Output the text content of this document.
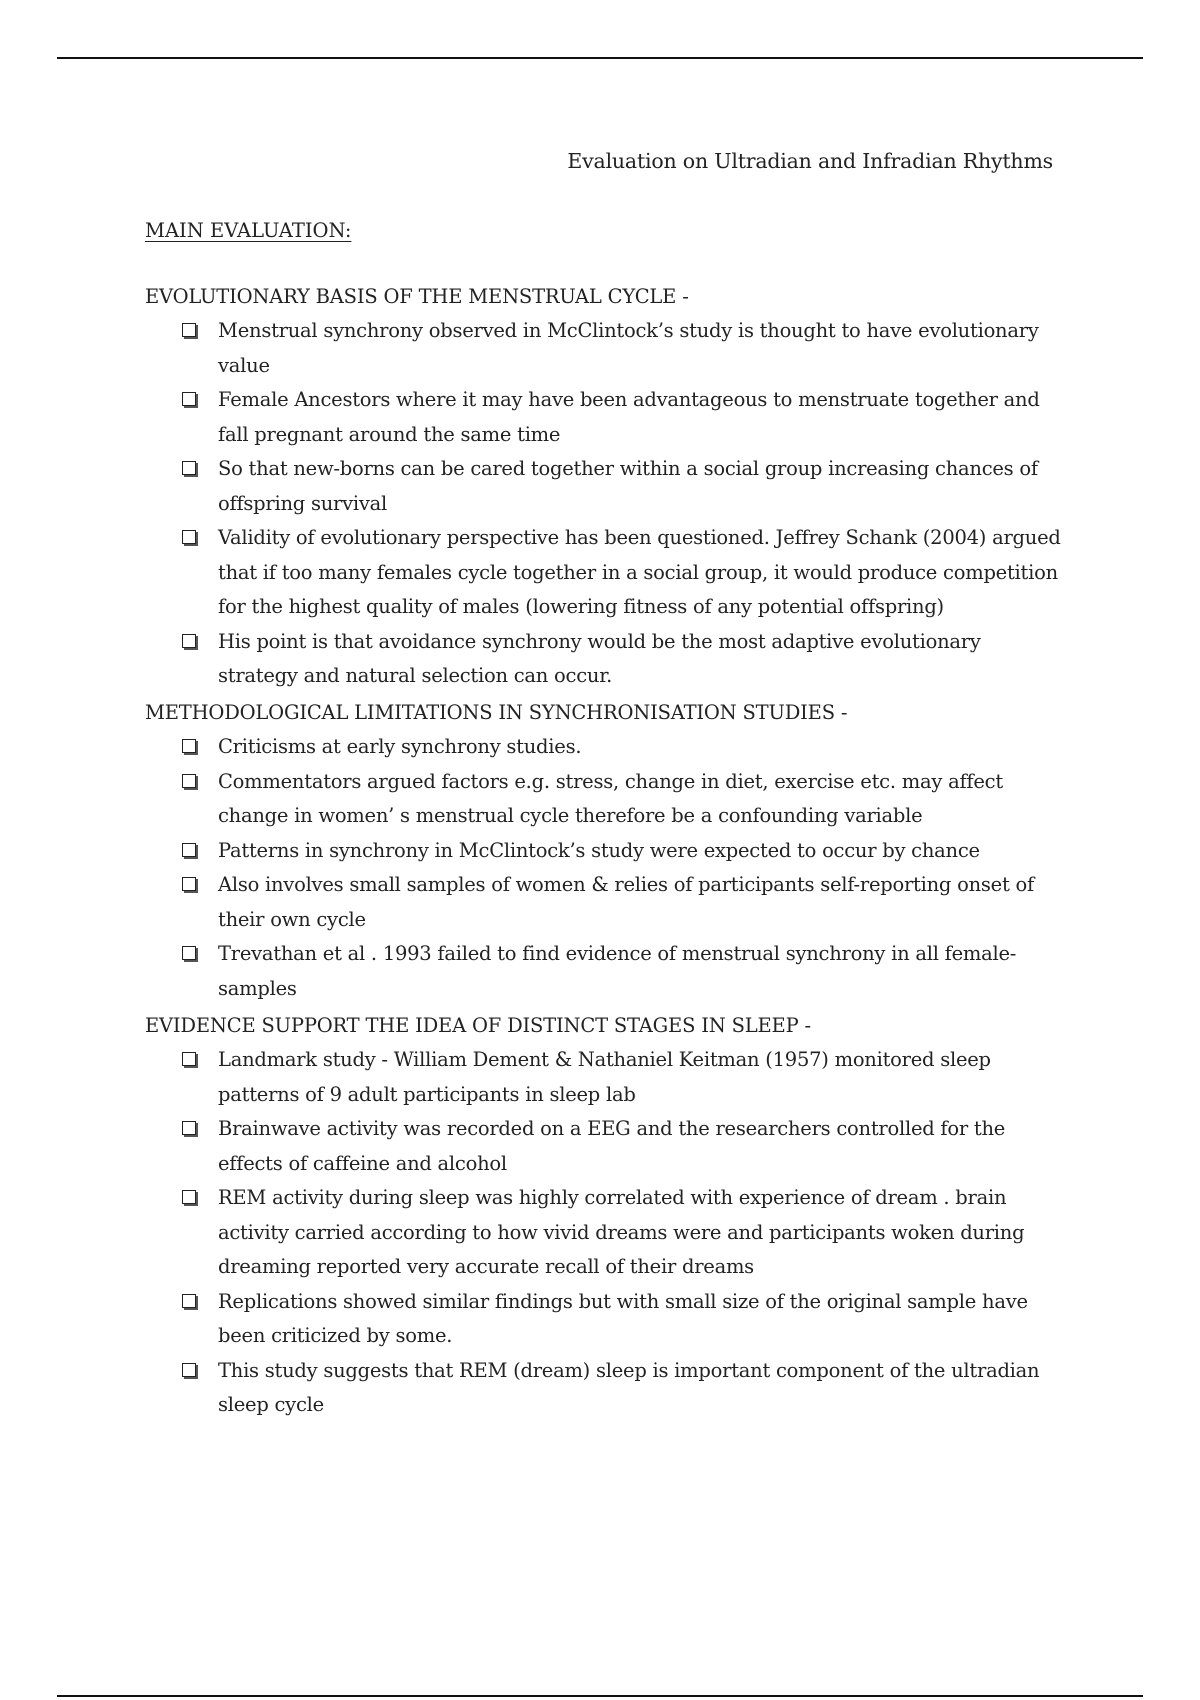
Evaluation on Ultradian and Infradian Rhythms
MAIN EVALUATION:
EVOLUTIONARY BASIS OF THE MENSTRUAL CYCLE -
Menstrual synchrony observed in McClintock’s study is thought to have evolutionary value
Female Ancestors where it may have been advantageous to menstruate together and fall pregnant around the same time
So that new-borns can be cared together within a social group increasing chances of offspring survival
Validity of evolutionary perspective has been questioned. Jeffrey Schank (2004) argued that if too many females cycle together in a social group, it would produce competition for the highest quality of males (lowering fitness of any potential offspring)
His point is that avoidance synchrony would be the most adaptive evolutionary strategy and natural selection can occur.
METHODOLOGICAL LIMITATIONS IN SYNCHRONISATION STUDIES -
Criticisms at early synchrony studies.
Commentators argued factors e.g. stress, change in diet, exercise etc. may affect change in women’ s menstrual cycle therefore be a confounding variable
Patterns in synchrony in McClintock’s study were expected to occur by chance
Also involves small samples of women & relies of participants self-reporting onset of their own cycle
Trevathan et al . 1993 failed to find evidence of menstrual synchrony in all female-samples
EVIDENCE SUPPORT THE IDEA OF DISTINCT STAGES IN SLEEP -
Landmark study - William Dement & Nathaniel Keitman (1957) monitored sleep patterns of 9 adult participants in sleep lab
Brainwave activity was recorded on a EEG and the researchers controlled for the effects of caffeine and alcohol
REM activity during sleep was highly correlated with experience of dream . brain activity carried according to how vivid dreams were and participants woken during dreaming reported very accurate recall of their dreams
Replications showed similar findings but with small size of the original sample have been criticized by some.
This study suggests that REM (dream) sleep is important component of the ultradian sleep cycle
